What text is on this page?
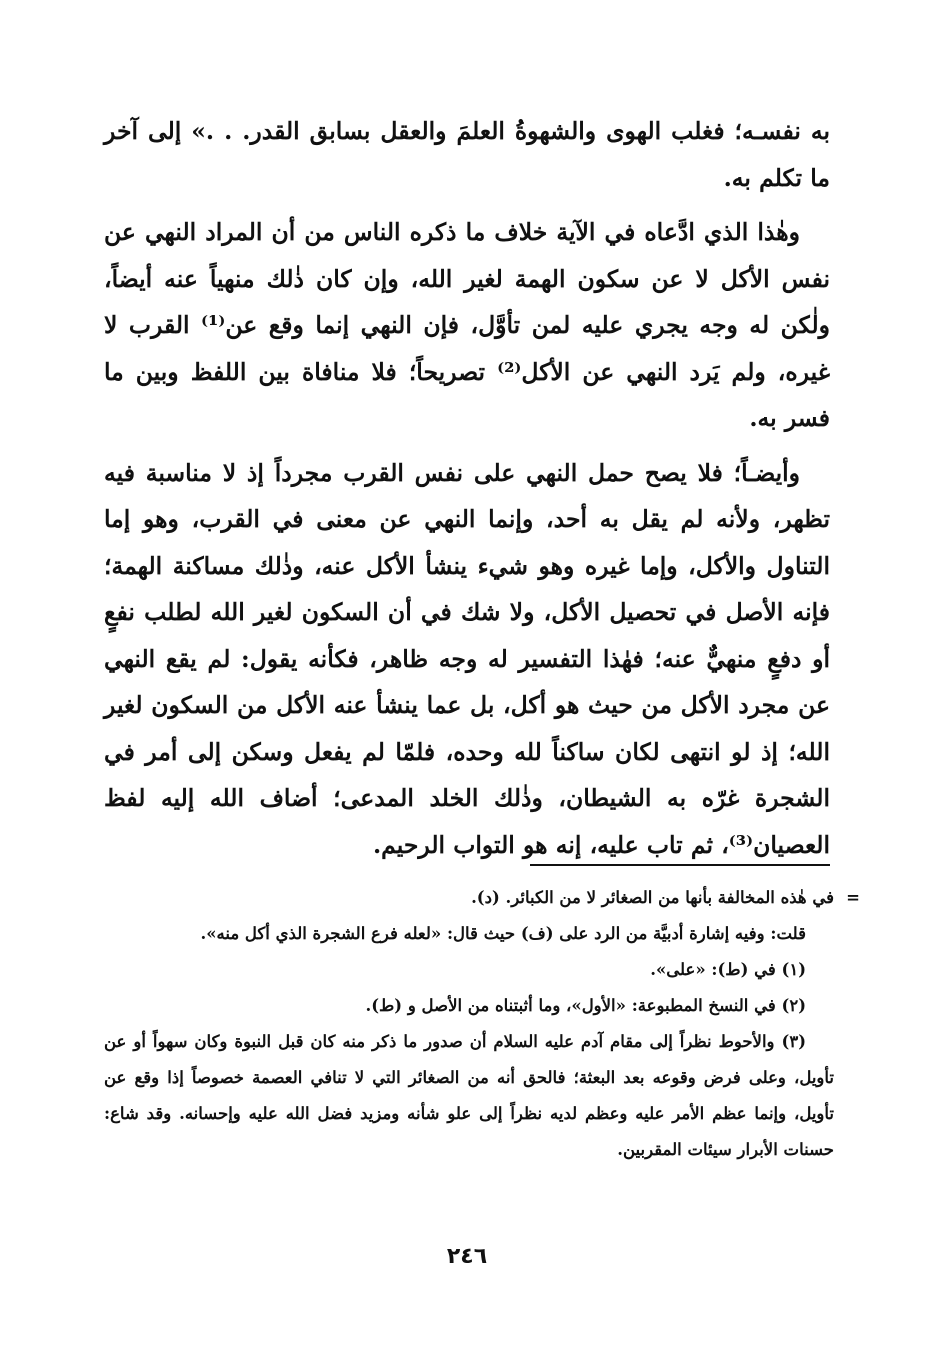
به نفسـه؛ فغلب الهوى والشهوةُ العلمَ والعقل بسابق القدر. . .» إلى آخر ما تكلم به.

وهٰذا الذي ادَّعاه في الآية خلاف ما ذكره الناس من أن المراد النهي عن نفس الأكل لا عن سكون الهمة لغير الله، وإن كان ذٰلك منهياً عنه أيضاً، ولٰكن له وجه يجري عليه لمن تأوَّل، فإن النهي إنما وقع عن⁽¹⁾ القرب لا غيره، ولم يَرد النهي عن الأكل⁽²⁾ تصريحاً؛ فلا منافاة بين اللفظ وبين ما فسر به.

وأيضـاً؛ فلا يصح حمل النهي على نفس القرب مجرداً إذ لا مناسبة فيه تظهر، ولأنه لم يقل به أحد، وإنما النهي عن معنى في القرب، وهو إما التناول والأكل، وإما غيره وهو شيء ينشأ الأكل عنه، وذٰلك مساكنة الهمة؛ فإنه الأصل في تحصيل الأكل، ولا شك في أن السكون لغير الله لطلب نفعٍ أو دفعٍ منهيٌّ عنه؛ فهٰذا التفسير له وجه ظاهر، فكأنه يقول: لم يقع النهي عن مجرد الأكل من حيث هو أكل، بل عما ينشأ عنه الأكل من السكون لغير الله؛ إذ لو انتهى لكان ساكناً لله وحده، فلمّا لم يفعل وسكن إلى أمر في الشجرة غرّه به الشيطان، وذٰلك الخلد المدعى؛ أضاف الله إليه لفظ العصيان⁽³⁾، ثم تاب عليه، إنه هو التواب الرحيم.

=
في هٰذه المخالفة بأنها من الصغائر لا من الكبائر. (د).

قلت: وفيه إشارة أدبيَّة من الرد على (ف) حيث قال: «لعله فرع الشجرة الذي أكل منه».

(١) في (ط): «على».

(٢) في النسخ المطبوعة: «الأول»، وما أثبتناه من الأصل و (ط).

(٣) والأحوط نظراً إلى مقام آدم عليه السلام أن صدور ما ذكر منه كان قبل النبوة وكان سهواً أو عن تأويل، وعلى فرض وقوعه بعد البعثة؛ فالحق أنه من الصغائر التي لا تنافي العصمة خصوصاً إذا وقع عن تأويل، وإنما عظم الأمر عليه وعظم لديه نظراً إلى علو شأنه ومزيد فضل الله عليه وإحسانه. وقد شاع: حسنات الأبرار سيئات المقربين.

٢٤٦
